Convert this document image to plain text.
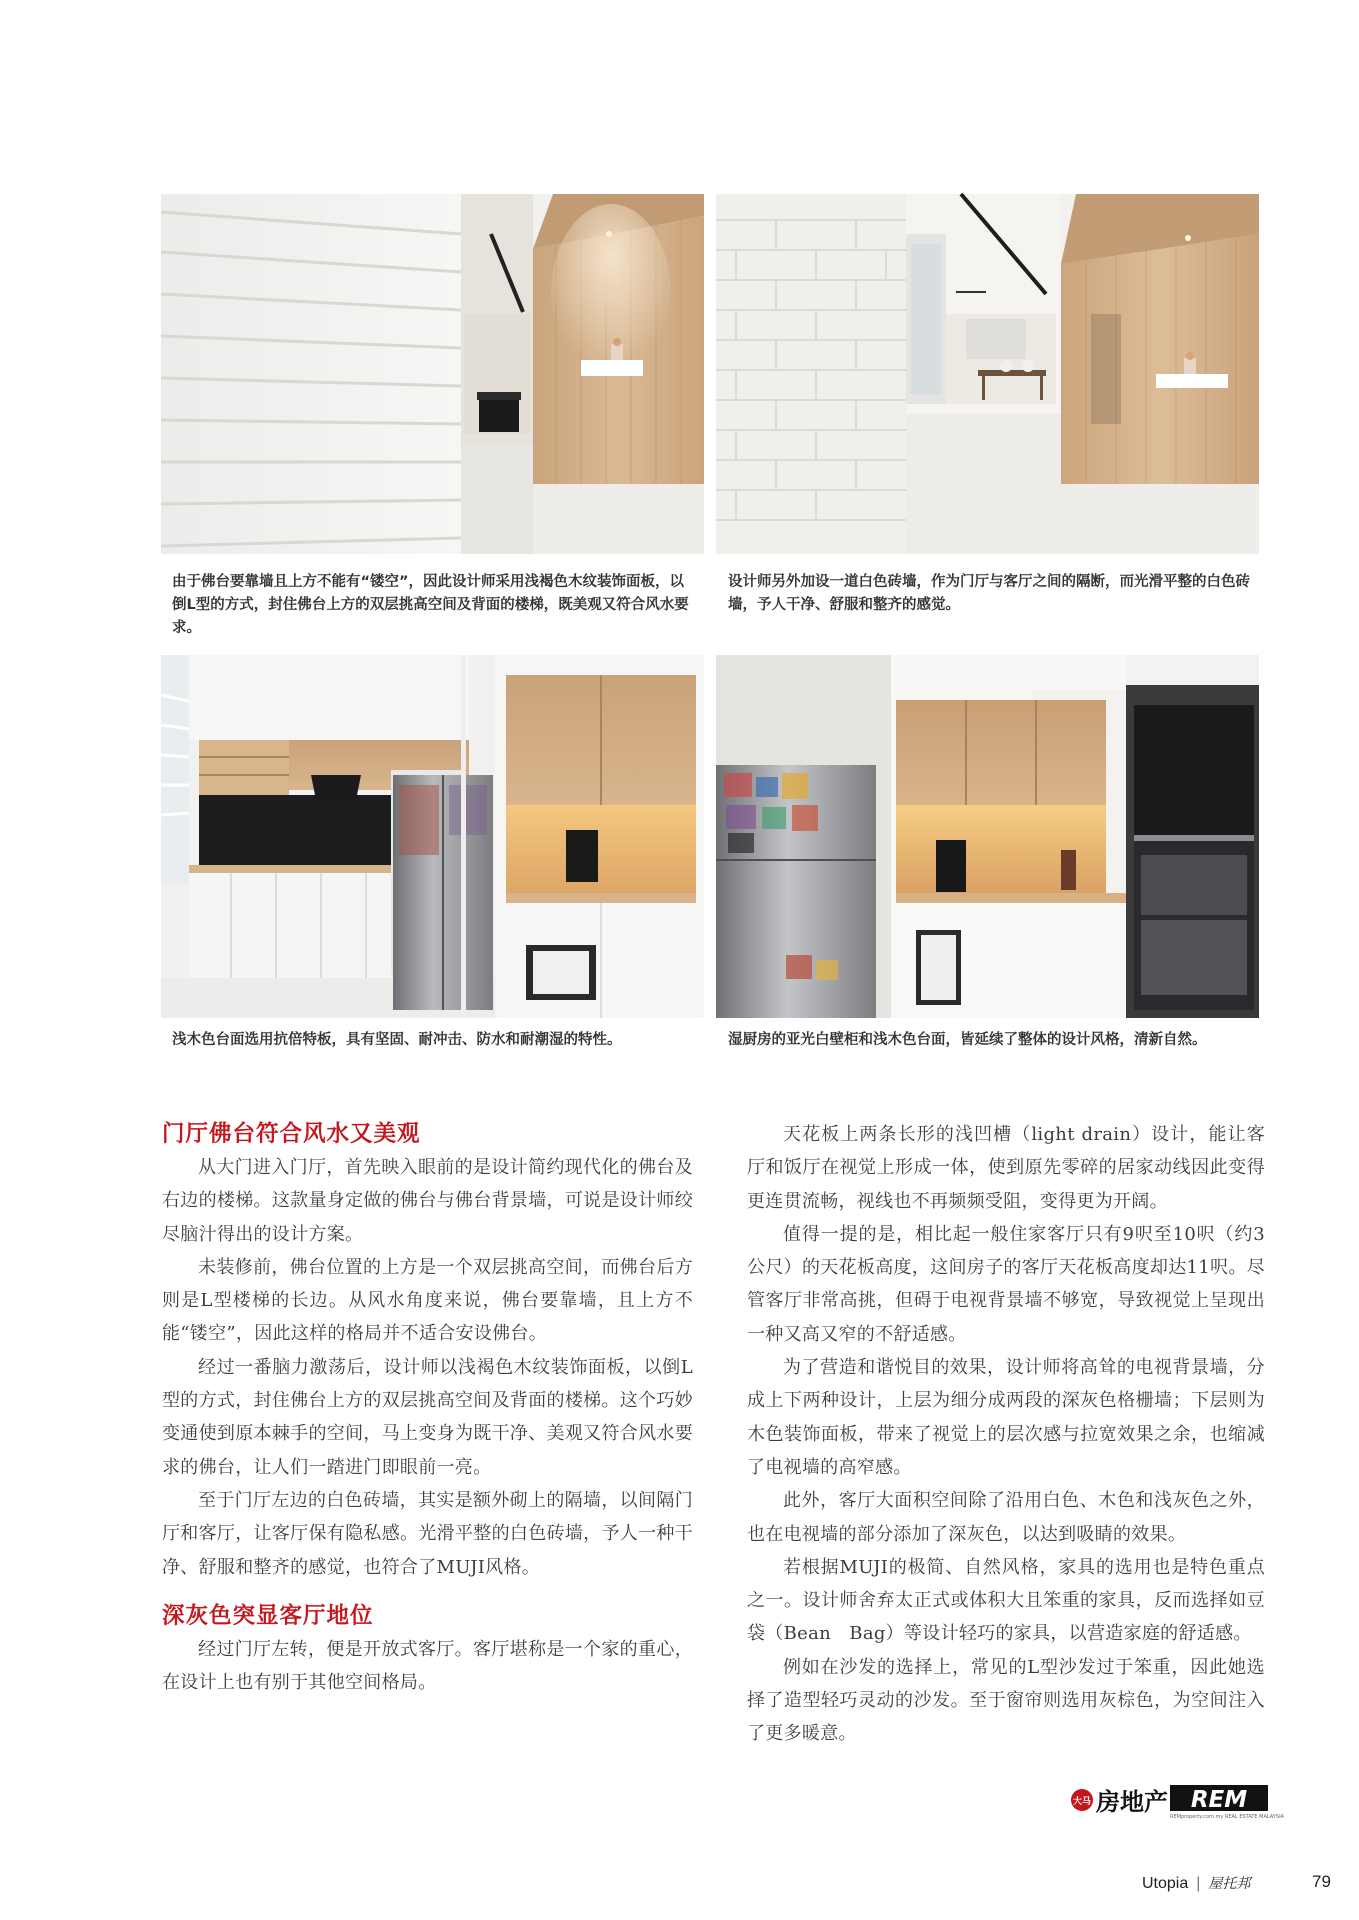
由于佛台要靠墙且上方不能有“镂空”，因此设计师采用浅褐色木纹装饰面板，以倒L型的方式，封住佛台上方的双层挑高空间及背面的楼梯，既美观又符合风水要求。

设计师另外加设一道白色砖墙，作为门厅与客厅之间的隔断，而光滑平整的白色砖墙，予人干净、舒服和整齐的感觉。

浅木色台面选用抗倍特板，具有坚固、耐冲击、防水和耐潮湿的特性。	湿厨房的亚光白壁柜和浅木色台面，皆延续了整体的设计风格，清新自然。

门厅佛台符合风水又美观

从大门进入门厅，首先映入眼前的是设计简约现代化的佛台及右边的楼梯。这款量身定做的佛台与佛台背景墙，可说是设计师绞尽脑汁得出的设计方案。

未装修前，佛台位置的上方是一个双层挑高空间，而佛台后方则是L型楼梯的长边。从风水角度来说，佛台要靠墙，且上方不能“镂空”，因此这样的格局并不适合安设佛台。

经过一番脑力激荡后，设计师以浅褐色木纹装饰面板，以倒L型的方式，封住佛台上方的双层挑高空间及背面的楼梯。这个巧妙变通使到原本棘手的空间，马上变身为既干净、美观又符合风水要求的佛台，让人们一踏进门即眼前一亮。

至于门厅左边的白色砖墙，其实是额外砌上的隔墙，以间隔门厅和客厅，让客厅保有隐私感。光滑平整的白色砖墙，予人一种干净、舒服和整齐的感觉，也符合了MUJI风格。

深灰色突显客厅地位

经过门厅左转，便是开放式客厅。客厅堪称是一个家的重心，在设计上也有别于其他空间格局。

天花板上两条长形的浅凹槽（light drain）设计，能让客厅和饭厅在视觉上形成一体，使到原先零碎的居家动线因此变得更连贯流畅，视线也不再频频受阻，变得更为开阔。

值得一提的是，相比起一般住家客厅只有9呎至10呎（约3公尺）的天花板高度，这间房子的客厅天花板高度却达11呎。尽管客厅非常高挑，但碍于电视背景墙不够宽，导致视觉上呈现出一种又高又窄的不舒适感。

为了营造和谐悦目的效果，设计师将高耸的电视背景墙，分成上下两种设计，上层为细分成两段的深灰色格栅墙；下层则为木色装饰面板，带来了视觉上的层次感与拉宽效果之余，也缩减了电视墙的高窄感。

此外，客厅大面积空间除了沿用白色、木色和浅灰色之外，也在电视墙的部分添加了深灰色，以达到吸睛的效果。

若根据MUJI的极简、自然风格，家具的选用也是特色重点之一。设计师舍弃太正式或体积大且笨重的家具，反而选择如豆袋（Bean　Bag）等设计轻巧的家具，以营造家庭的舒适感。

例如在沙发的选择上，常见的L型沙发过于笨重，因此她选择了造型轻巧灵动的沙发。至于窗帘则选用灰棕色，为空间注入了更多暖意。

大马 房地产 REM
REMproperty.com.my REAL ESTATE MALAYSIA
Utopia | 屋托邦	79
